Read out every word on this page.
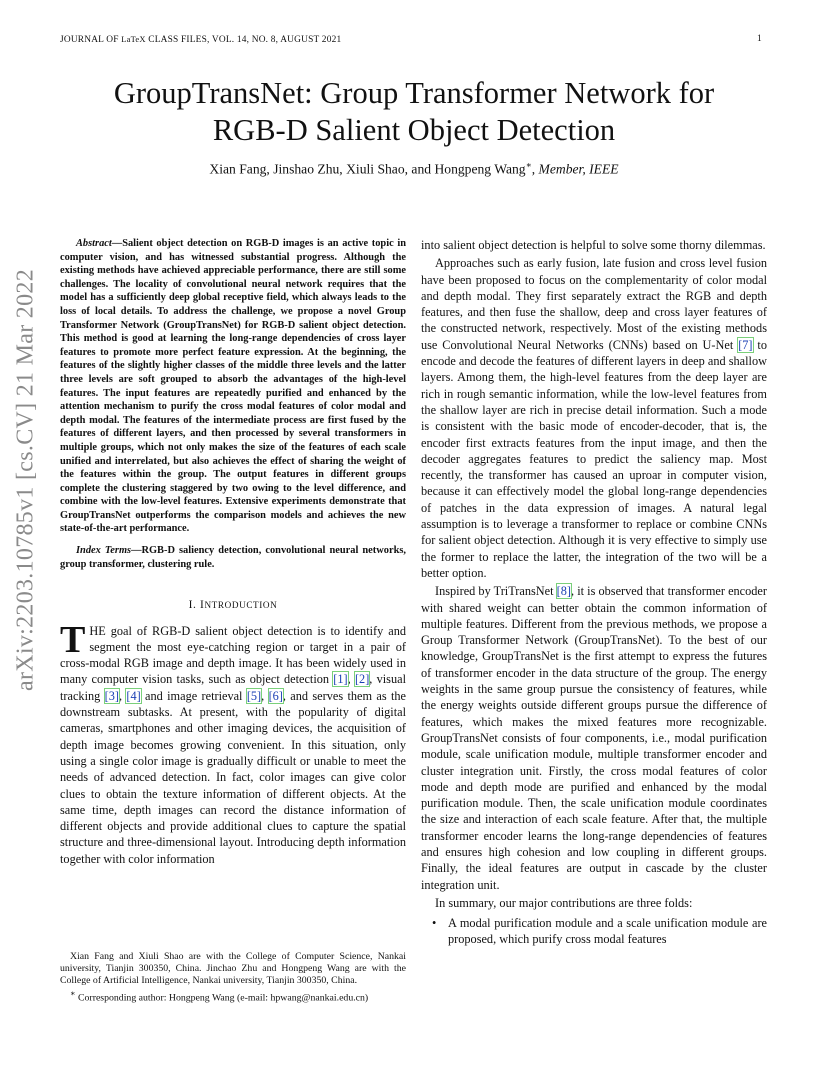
JOURNAL OF LaTeX CLASS FILES, VOL. 14, NO. 8, AUGUST 2021	1
GroupTransNet: Group Transformer Network for
RGB-D Salient Object Detection
Xian Fang, Jinshao Zhu, Xiuli Shao, and Hongpeng Wang∗, Member, IEEE
arXiv:2203.10785v1 [cs.CV] 21 Mar 2022

Abstract—Salient object detection on RGB-D images is an active topic in computer vision, and has witnessed substantial progress. Although the existing methods have achieved appreciable performance, there are still some challenges. The locality of convolutional neural network requires that the model has a sufficiently deep global receptive field, which always leads to the loss of local details. To address the challenge, we propose a novel Group Transformer Network (GroupTransNet) for RGB-D salient object detection. This method is good at learning the long-range dependencies of cross layer features to promote more perfect feature expression. At the beginning, the features of the slightly higher classes of the middle three levels and the latter three levels are soft grouped to absorb the advantages of the high-level features. The input features are repeatedly purified and enhanced by the attention mechanism to purify the cross modal features of color modal and depth modal. The features of the intermediate process are first fused by the features of different layers, and then processed by several transformers in multiple groups, which not only makes the size of the features of each scale unified and interrelated, but also achieves the effect of sharing the weight of the features within the group. The output features in different groups complete the clustering staggered by two owing to the level difference, and combine with the low-level features. Extensive experiments demonstrate that GroupTransNet outperforms the comparison models and achieves the new state-of-the-art performance.

Index Terms—RGB-D saliency detection, convolutional neural networks, group transformer, clustering rule.

I. INTRODUCTION

THE goal of RGB-D salient object detection is to identify and segment the most eye-catching region or target in a pair of cross-modal RGB image and depth image. It has been widely used in many computer vision tasks, such as object detection [1], [2], visual tracking [3], [4] and image retrieval [5], [6], and serves them as the downstream subtasks. At present, with the popularity of digital cameras, smartphones and other imaging devices, the acquisition of depth image becomes growing convenient. In this situation, only using a single color image is gradually difficult or unable to meet the needs of advanced detection. In fact, color images can give color clues to obtain the texture information of different objects. At the same time, depth images can record the distance information of different objects and provide additional clues to capture the spatial structure and three-dimensional layout. Introducing depth information together with color information

Xian Fang and Xiuli Shao are with the College of Computer Science, Nankai university, Tianjin 300350, China. Jinchao Zhu and Hongpeng Wang are with the College of Artificial Intelligence, Nankai university, Tianjin 300350, China.

∗ Corresponding author: Hongpeng Wang (e-mail: hpwang@nankai.edu.cn)

into salient object detection is helpful to solve some thorny dilemmas.

Approaches such as early fusion, late fusion and cross level fusion have been proposed to focus on the complementarity of color modal and depth modal. They first separately extract the RGB and depth features, and then fuse the shallow, deep and cross layer features of the constructed network, respectively. Most of the existing methods use Convolutional Neural Networks (CNNs) based on U-Net [7] to encode and decode the features of different layers in deep and shallow layers. Among them, the high-level features from the deep layer are rich in rough semantic information, while the low-level features from the shallow layer are rich in precise detail information. Such a mode is consistent with the basic mode of encoder-decoder, that is, the encoder first extracts features from the input image, and then the decoder aggregates features to predict the saliency map. Most recently, the transformer has caused an uproar in computer vision, because it can effectively model the global long-range dependencies of patches in the data expression of images. A natural legal assumption is to leverage a transformer to replace or combine CNNs for salient object detection. Although it is very effective to simply use the former to replace the latter, the integration of the two will be a better option.

Inspired by TriTransNet [8], it is observed that transformer encoder with shared weight can better obtain the common information of multiple features. Different from the previous methods, we propose a Group Transformer Network (GroupTransNet). To the best of our knowledge, GroupTransNet is the first attempt to express the futures of transformer encoder in the data structure of the group. The energy weights in the same group pursue the consistency of features, while the energy weights outside different groups pursue the difference of features, which makes the mixed features more recognizable. GroupTransNet consists of four components, i.e., modal purification module, scale unification module, multiple transformer encoder and cluster integration unit. Firstly, the cross modal features of color mode and depth mode are purified and enhanced by the modal purification module. Then, the scale unification module coordinates the size and interaction of each scale feature. After that, the multiple transformer encoder learns the long-range dependencies of features and ensures high cohesion and low coupling in different groups. Finally, the ideal features are output in cascade by the cluster integration unit.

In summary, our major contributions are three folds:

• A modal purification module and a scale unification module are proposed, which purify cross modal features
